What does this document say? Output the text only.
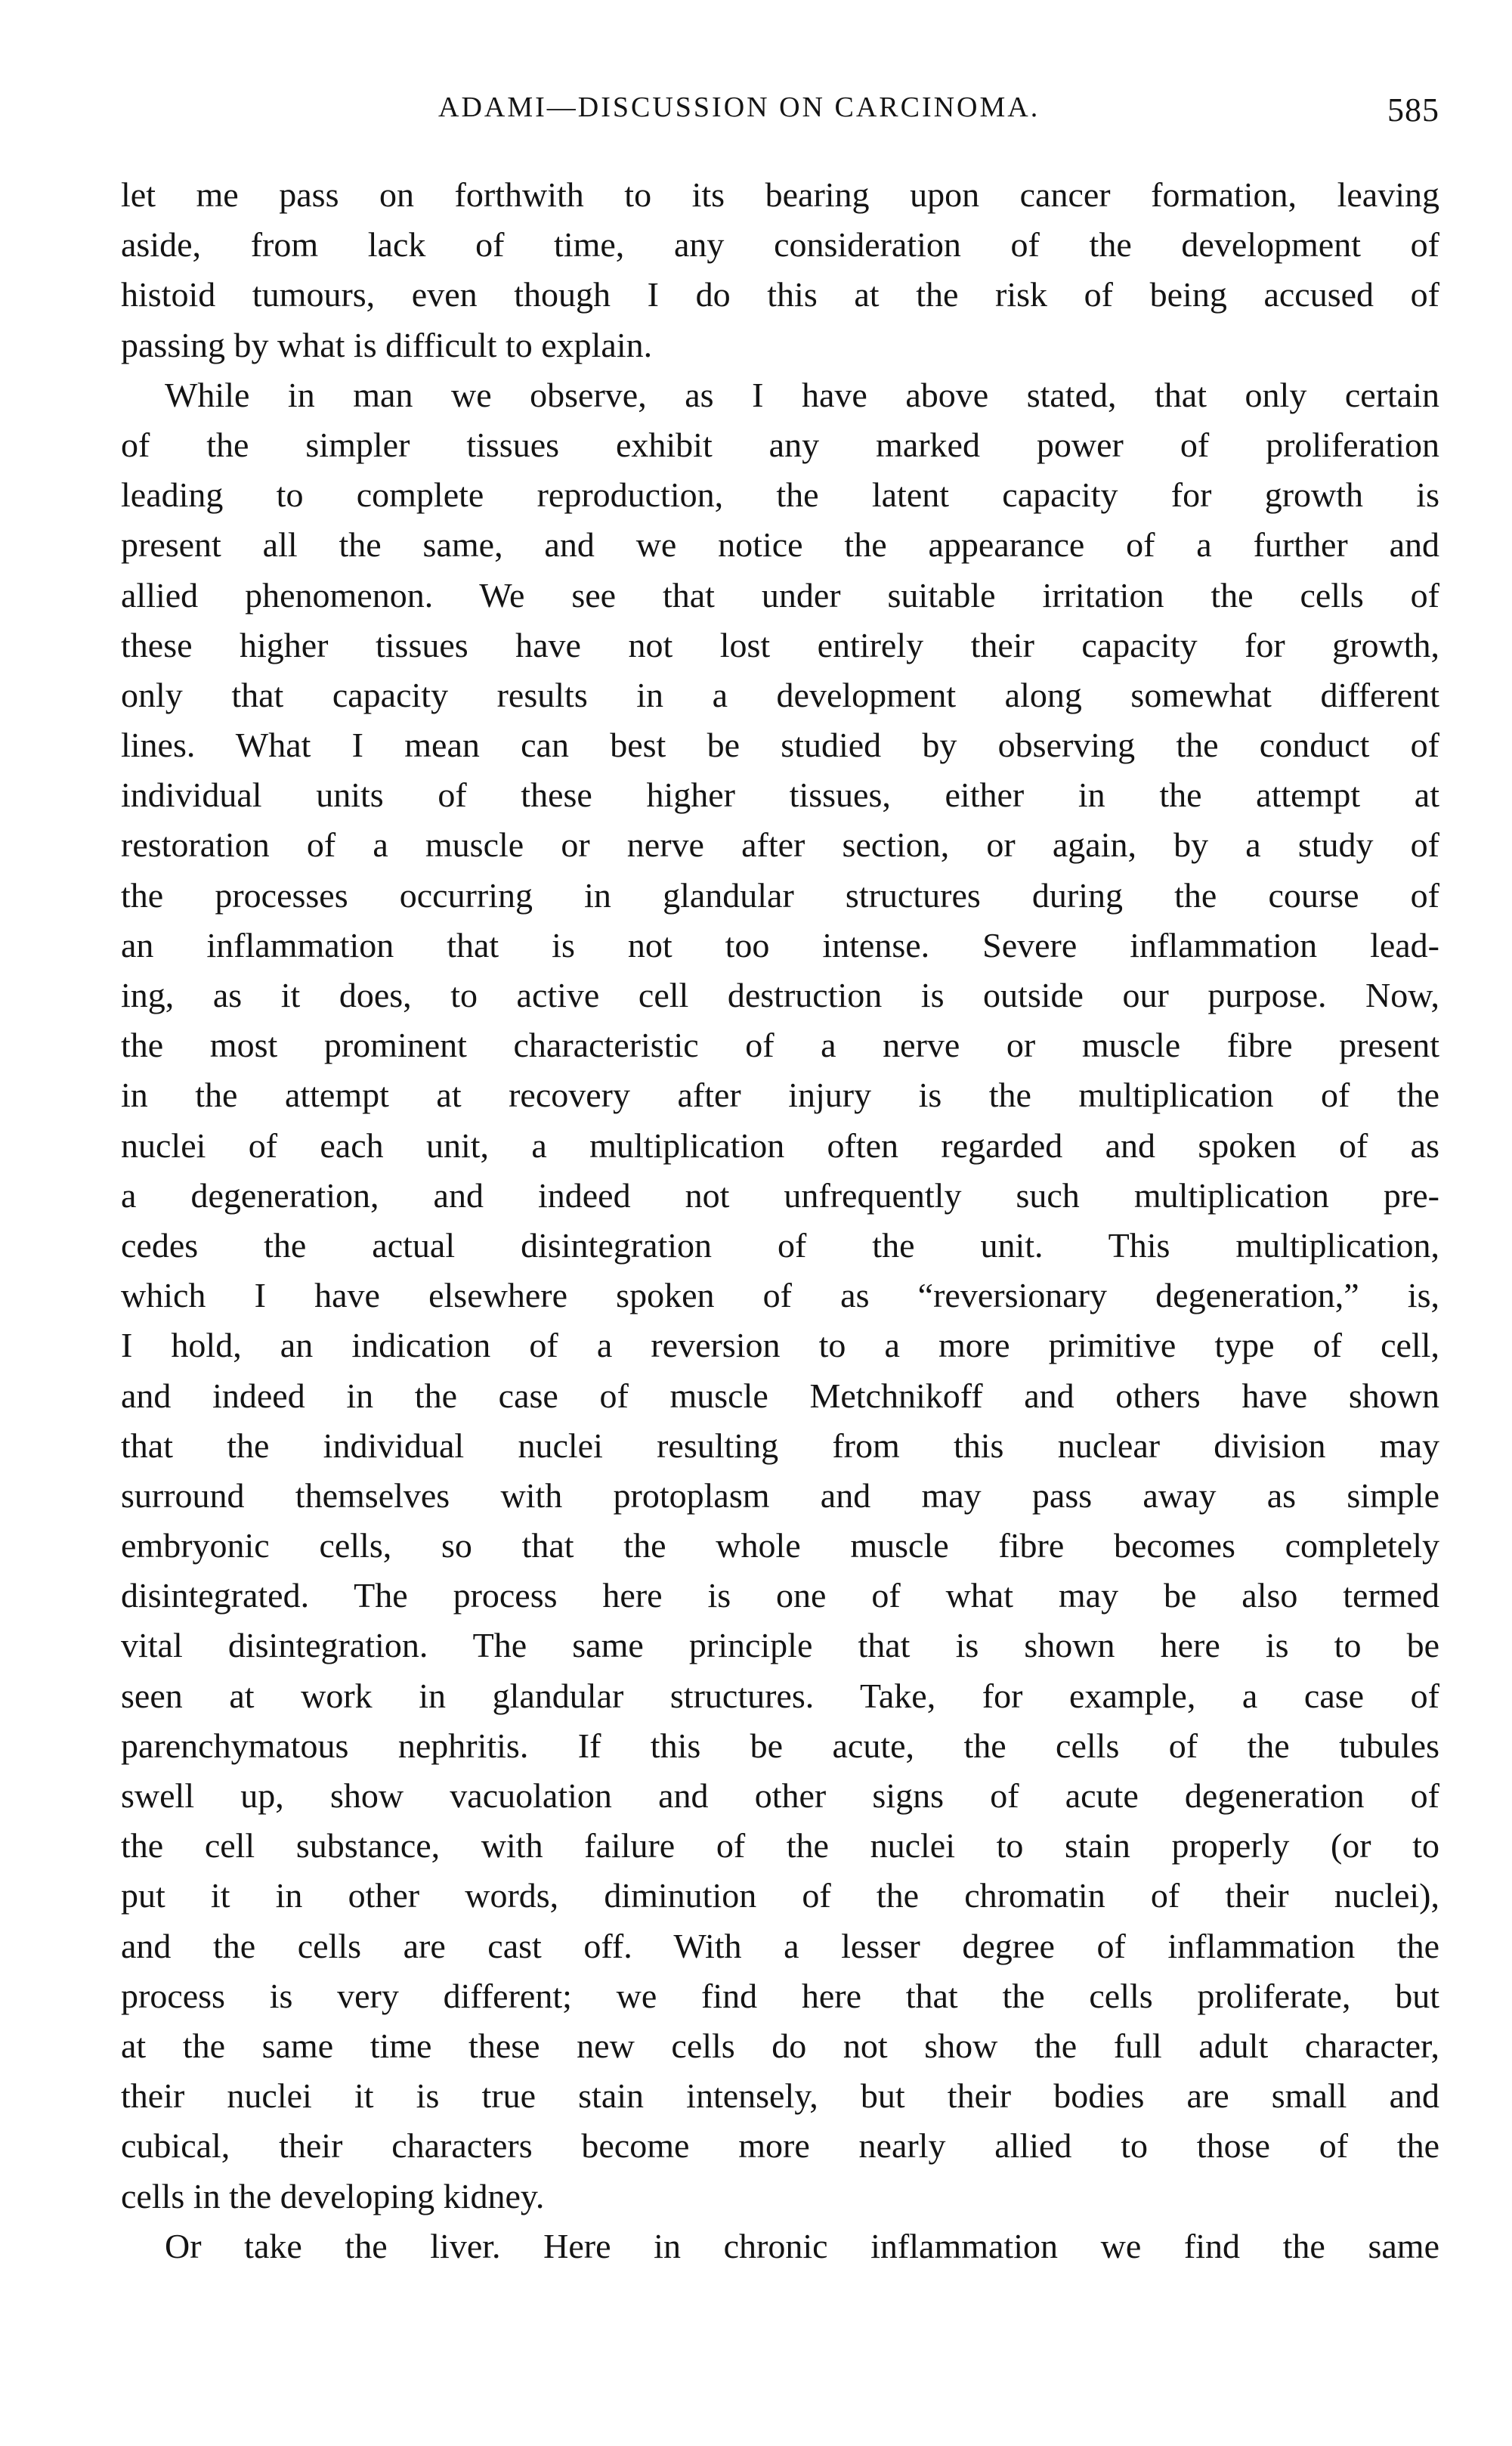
ADAMI—DISCUSSION ON CARCINOMA.	585
let me pass on forthwith to its bearing upon cancer formation, leaving
aside, from lack of time, any consideration of the development of
histoid tumours, even though I do this at the risk of being accused of
passing by what is difficult to explain.
While in man we observe, as I have above stated, that only certain
of the simpler tissues exhibit any marked power of proliferation
leading to complete reproduction, the latent capacity for growth is
present all the same, and we notice the appearance of a further and
allied phenomenon. We see that under suitable irritation the cells of
these higher tissues have not lost entirely their capacity for growth,
only that capacity results in a development along somewhat different
lines. What I mean can best be studied by observing the conduct of
individual units of these higher tissues, either in the attempt at
restoration of a muscle or nerve after section, or again, by a study of
the processes occurring in glandular structures during the course of
an inflammation that is not too intense. Severe inflammation lead-
ing, as it does, to active cell destruction is outside our purpose. Now,
the most prominent characteristic of a nerve or muscle fibre present
in the attempt at recovery after injury is the multiplication of the
nuclei of each unit, a multiplication often regarded and spoken of as
a degeneration, and indeed not unfrequently such multiplication pre-
cedes the actual disintegration of the unit. This multiplication,
which I have elsewhere spoken of as “reversionary degeneration,” is,
I hold, an indication of a reversion to a more primitive type of cell,
and indeed in the case of muscle Metchnikoff and others have shown
that the individual nuclei resulting from this nuclear division may
surround themselves with protoplasm and may pass away as simple
embryonic cells, so that the whole muscle fibre becomes completely
disintegrated. The process here is one of what may be also termed
vital disintegration. The same principle that is shown here is to be
seen at work in glandular structures. Take, for example, a case of
parenchymatous nephritis. If this be acute, the cells of the tubules
swell up, show vacuolation and other signs of acute degeneration of
the cell substance, with failure of the nuclei to stain properly (or to
put it in other words, diminution of the chromatin of their nuclei),
and the cells are cast off. With a lesser degree of inflammation the
process is very different; we find here that the cells proliferate, but
at the same time these new cells do not show the full adult character,
their nuclei it is true stain intensely, but their bodies are small and
cubical, their characters become more nearly allied to those of the
cells in the developing kidney.
Or take the liver. Here in chronic inflammation we find the same
